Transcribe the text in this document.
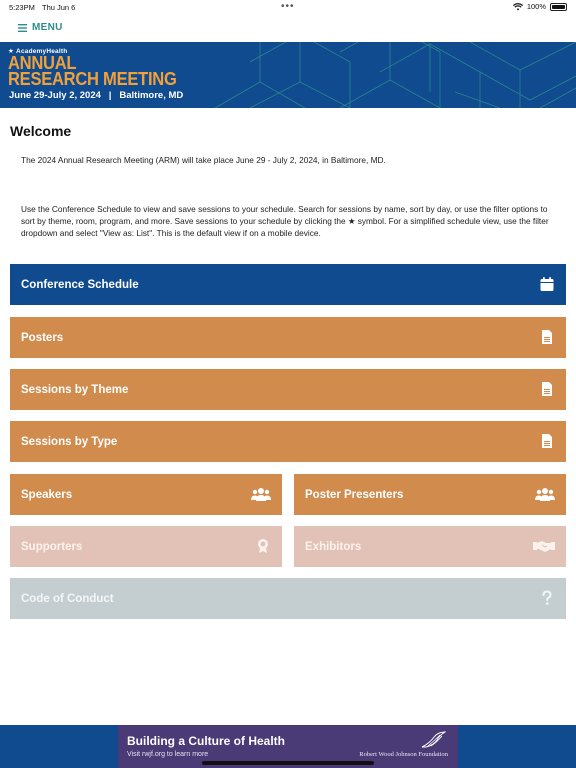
5:23PM Thu Jun 6	•••	100%
MENU
★ AcademyHealth
ANNUAL
RESEARCH MEETING
June 29-July 2, 2024   |   Baltimore, MD
Welcome

The 2024 Annual Research Meeting (ARM) will take place June 29 - July 2, 2024, in Baltimore, MD.

Use the Conference Schedule to view and save sessions to your schedule. Search for sessions by name, sort by day, or use the filter options to sort by theme, room, program, and more. Save sessions to your schedule by clicking the ★ symbol. For a simplified schedule view, use the filter dropdown and select "View as: List". This is the default view if on a mobile device.

Conference Schedule
Posters
Sessions by Theme
Sessions by Type
Speakers	Poster Presenters
Supporters	Exhibitors
Code of Conduct
Building a Culture of Health
Visit rwjf.org to learn more	Robert Wood Johnson Foundation
